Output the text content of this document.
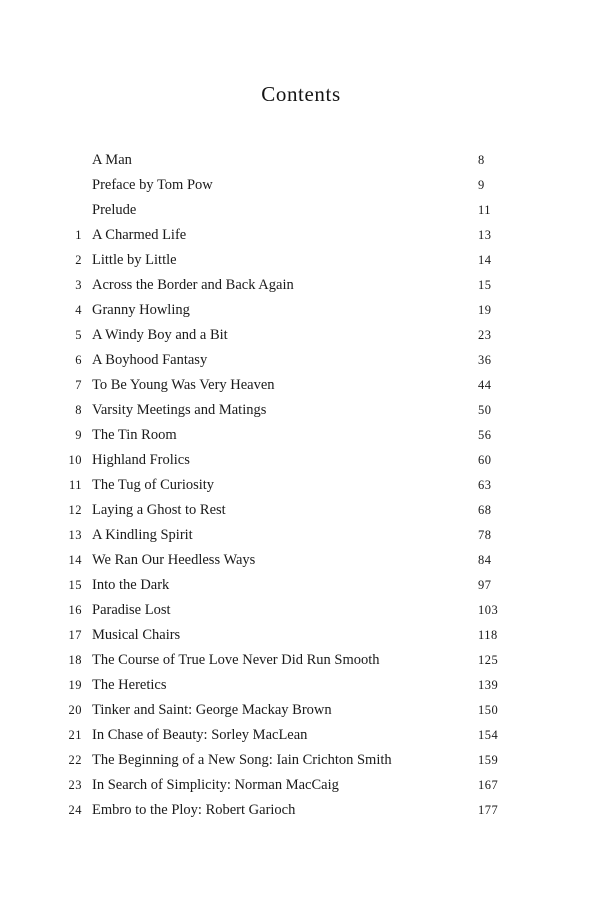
Contents
A Man	8
Preface by Tom Pow	9
Prelude	11
1 A Charmed Life	13
2 Little by Little	14
3 Across the Border and Back Again	15
4 Granny Howling	19
5 A Windy Boy and a Bit	23
6 A Boyhood Fantasy	36
7 To Be Young Was Very Heaven	44
8 Varsity Meetings and Matings	50
9 The Tin Room	56
10 Highland Frolics	60
11 The Tug of Curiosity	63
12 Laying a Ghost to Rest	68
13 A Kindling Spirit	78
14 We Ran Our Heedless Ways	84
15 Into the Dark	97
16 Paradise Lost	103
17 Musical Chairs	118
18 The Course of True Love Never Did Run Smooth	125
19 The Heretics	139
20 Tinker and Saint: George Mackay Brown	150
21 In Chase of Beauty: Sorley MacLean	154
22 The Beginning of a New Song: Iain Crichton Smith	159
23 In Search of Simplicity: Norman MacCaig	167
24 Embro to the Ploy: Robert Garioch	177
